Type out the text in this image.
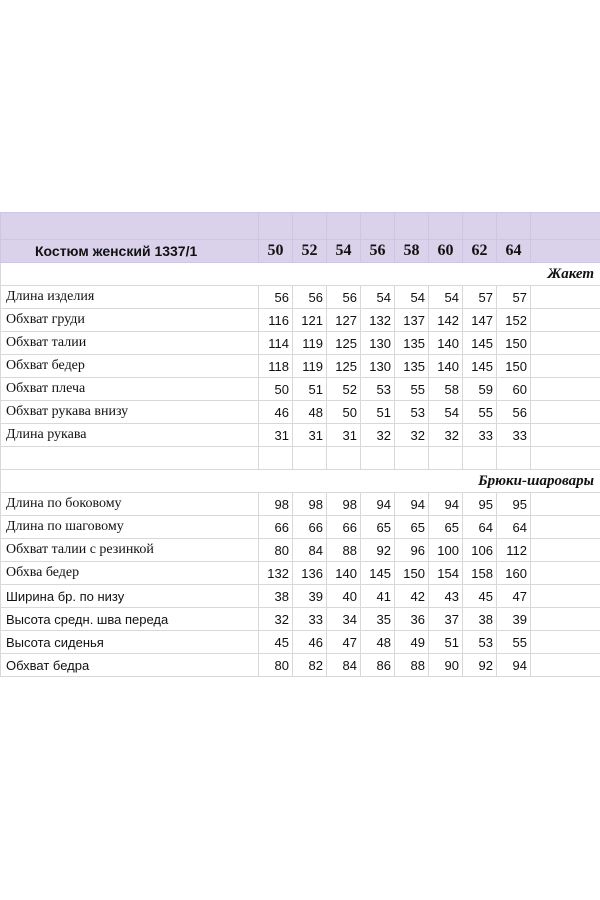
Костюм женский 1337/1	50	52	54	56	58	60	62	64	
Жакет									
Длина изделия	56	56	56	54	54	54	57	57	
Обхват груди	116	121	127	132	137	142	147	152	
Обхват талии	114	119	125	130	135	140	145	150	
Обхват бедер	118	119	125	130	135	140	145	150	
Обхват плеча	50	51	52	53	55	58	59	60	
Обхват рукава внизу	46	48	50	51	53	54	55	56	
Длина рукава	31	31	31	32	32	32	33	33	

Брюки-шаровары									
Длина по боковому	98	98	98	94	94	94	95	95	
Длина по шаговому	66	66	66	65	65	65	64	64	
Обхват талии с резинкой	80	84	88	92	96	100	106	112	
Обхва бедер	132	136	140	145	150	154	158	160	
Ширина бр. по низу	38	39	40	41	42	43	45	47	
Высота средн. шва переда	32	33	34	35	36	37	38	39	
Высота сиденья	45	46	47	48	49	51	53	55	
Обхват бедра	80	82	84	86	88	90	92	94	
